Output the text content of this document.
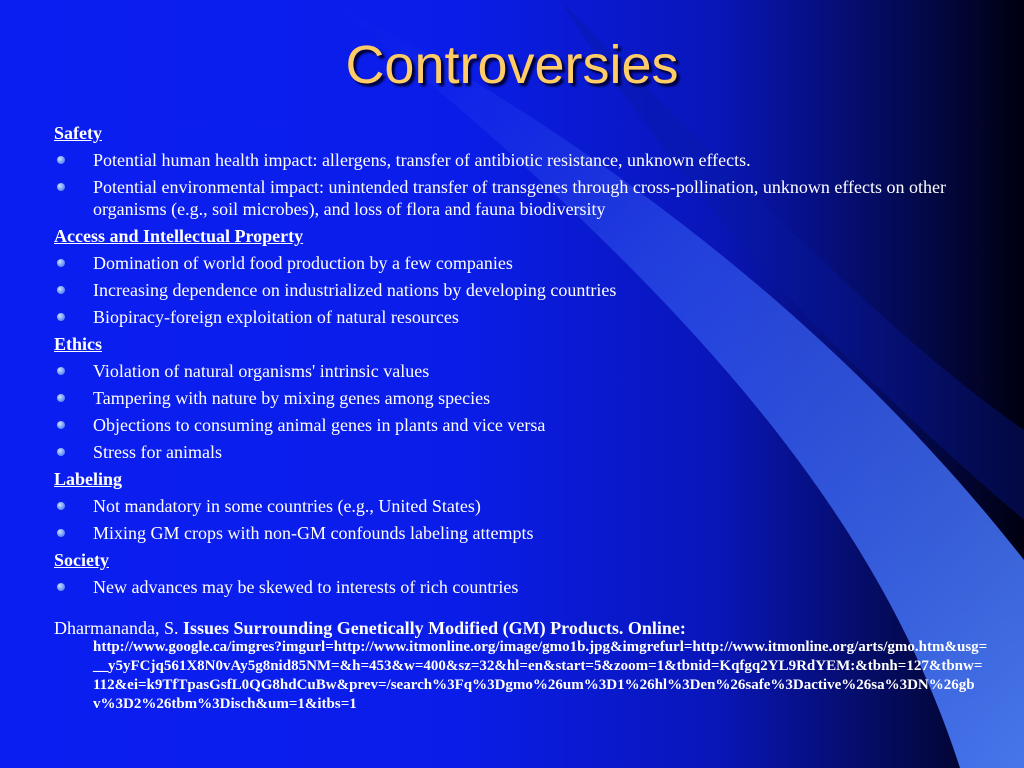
Controversies
Safety
Potential human health impact: allergens, transfer of antibiotic resistance, unknown effects.
Potential environmental impact: unintended transfer of transgenes through cross-pollination, unknown effects on other organisms (e.g., soil microbes), and loss of flora and fauna biodiversity
Access and Intellectual Property
Domination of world food production by a few companies
Increasing dependence on industrialized nations by developing countries
Biopiracy-foreign exploitation of natural resources
Ethics
Violation of natural organisms' intrinsic values
Tampering with nature by mixing genes among species
Objections to consuming animal genes in plants and vice versa
Stress for animals
Labeling
Not mandatory in some countries (e.g., United States)
Mixing GM crops with non-GM confounds labeling attempts
Society
New advances may be skewed to interests of rich countries
Dharmananda, S. Issues Surrounding Genetically Modified (GM) Products. Online:
http://www.google.ca/imgres?imgurl=http://www.itmonline.org/image/gmo1b.jpg&imgrefurl=http://www.itmonline.org/arts/gmo.htm&usg=__y5yFCjq561X8N0vAy5g8nid85NM=&h=453&w=400&sz=32&hl=en&start=5&zoom=1&tbnid=Kqfgq2YL9RdYEM:&tbnh=127&tbnw=112&ei=k9TfTpasGsfL0QG8hdCuBw&prev=/search%3Fq%3Dgmo%26um%3D1%26hl%3Den%26safe%3Dactive%26sa%3DN%26gbv%3D2%26tbm%3Disch&um=1&itbs=1
